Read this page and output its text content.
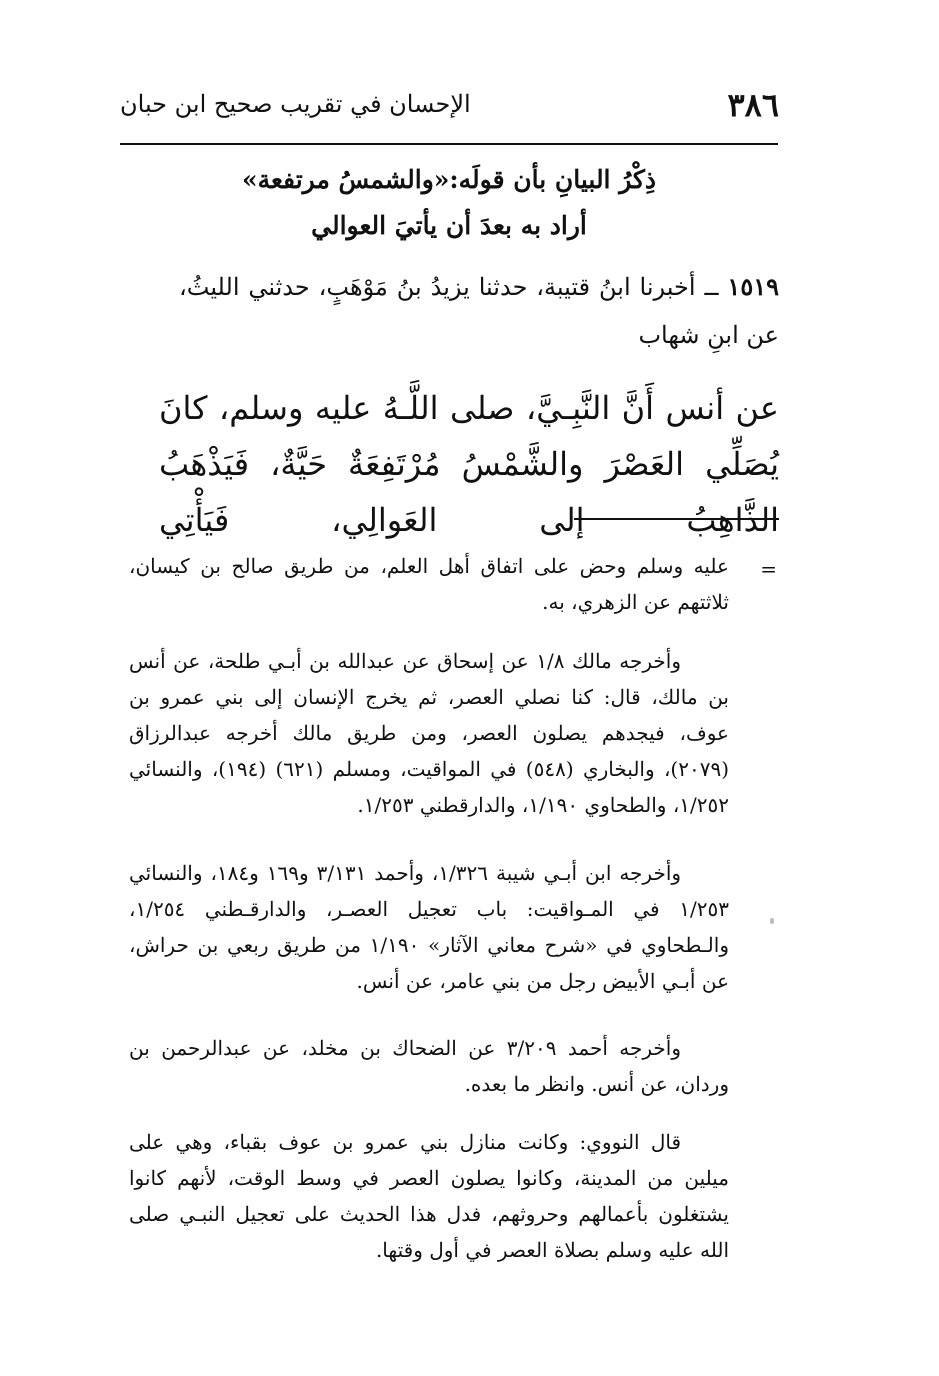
٣٨٦
الإحسان في تقريب صحيح ابن حبان
ذِكْرُ البيانِ بأن قولَه:«والشمسُ مرتفعة»
أراد به بعدَ أن يأتيَ العوالي
١٥١٩ ــ أخبرنا ابنُ قتيبة، حدثنا يزيدُ بنُ مَوْهَبٍ، حدثني الليثُ، عن ابنِ شهاب
عن أنس أَنَّ النَّبِـيَّ، صلى اللَّـهُ عليه وسلم، كانَ يُصَلِّي العَصْرَ والشَّمْسُ مُرْتَفِعَةٌ حَيَّةٌ، فَيَذْهَبُ الذَّاهِبُ إلى العَوالِي، فَيَأْتِي
=
عليه وسلم وحض على اتفاق أهل العلم، من طريق صالح بن كيسان، ثلاثتهم عن الزهري، به.
وأخرجه مالك ١/٨ عن إسحاق عن عبدالله بن أبـي طلحة، عن أنس بن مالك، قال: كنا نصلي العصر، ثم يخرج الإنسان إلى بني عمرو بن عوف، فيجدهم يصلون العصر، ومن طريق مالك أخرجه عبدالرزاق (٢٠٧٩)، والبخاري (٥٤٨) في المواقيت، ومسلم (٦٢١) (١٩٤)، والنسائي ١/٢٥٢، والطحاوي ١/١٩٠، والدارقطني ١/٢٥٣.
وأخرجه ابن أبـي شيبة ١/٣٢٦، وأحمد ٣/١٣١ و١٦٩ و١٨٤، والنسائي ١/٢٥٣ في المـواقيت: باب تعجيل العصـر، والدارقـطني ١/٢٥٤، والـطحاوي في «شرح معاني الآثار» ١/١٩٠ من طريق ربعي بن حراش، عن أبـي الأبيض رجل من بني عامر، عن أنس.
وأخرجه أحمد ٣/٢٠٩ عن الضحاك بن مخلد، عن عبدالرحمن بن وردان، عن أنس. وانظر ما بعده.
قال النووي: وكانت منازل بني عمرو بن عوف بقباء، وهي على ميلين من المدينة، وكانوا يصلون العصر في وسط الوقت، لأنهم كانوا يشتغلون بأعمالهم وحروثهم، فدل هذا الحديث على تعجيل النبـي صلى الله عليه وسلم بصلاة العصر في أول وقتها.
